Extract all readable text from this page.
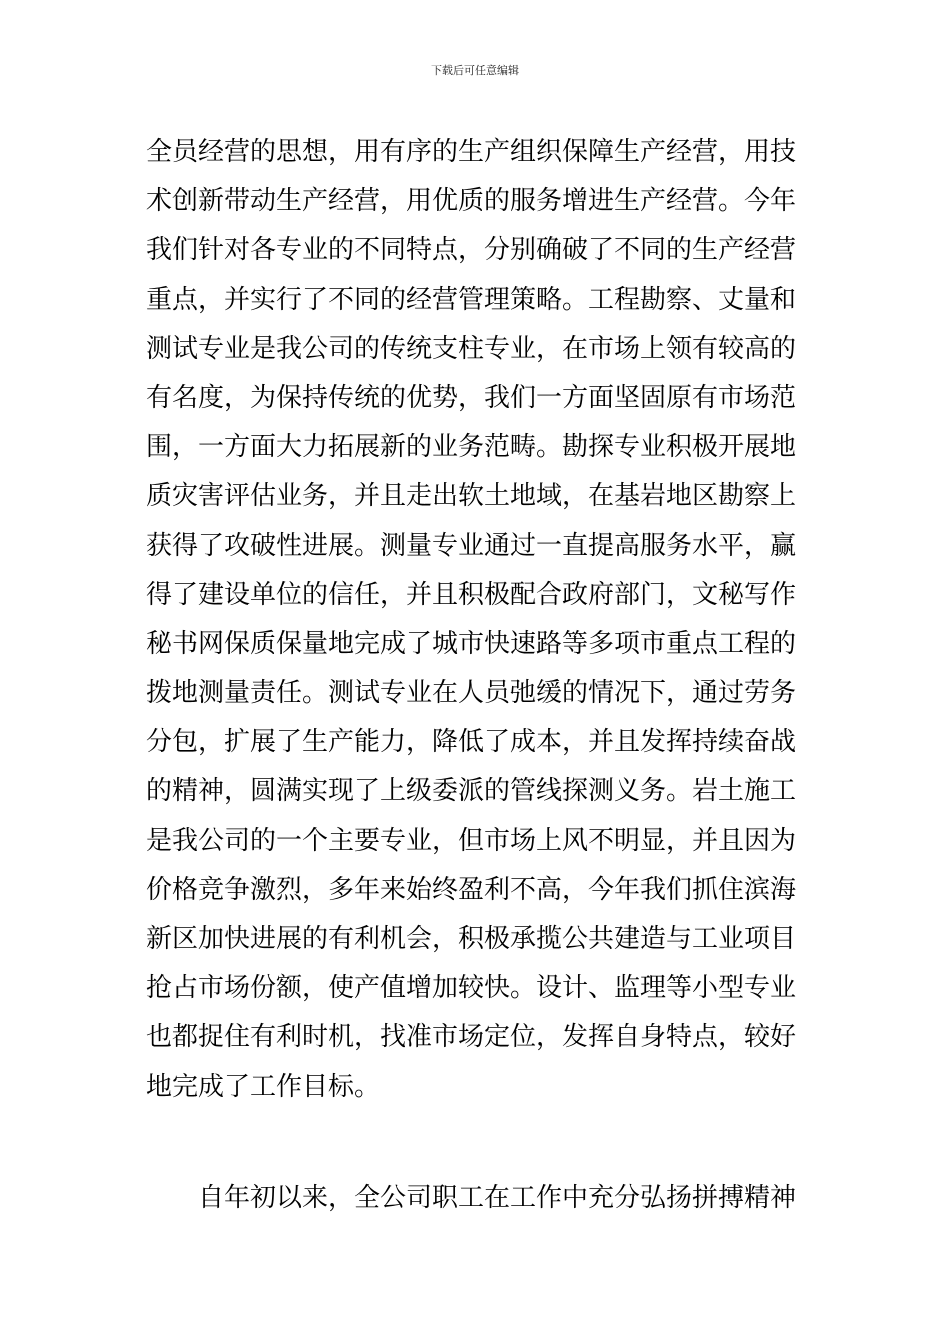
下载后可任意编辑
全员经营的思想，用有序的生产组织保障生产经营，用技
术创新带动生产经营，用优质的服务增进生产经营。今年
我们针对各专业的不同特点，分别确破了不同的生产经营
重点，并实行了不同的经营管理策略。工程勘察、丈量和
测试专业是我公司的传统支柱专业，在市场上领有较高的
有名度，为保持传统的优势，我们一方面坚固原有市场范
围，一方面大力拓展新的业务范畴。勘探专业积极开展地
质灾害评估业务，并且走出软土地域，在基岩地区勘察上
获得了攻破性进展。测量专业通过一直提高服务水平，赢
得了建设单位的信任，并且积极配合政府部门，文秘写作
秘书网保质保量地完成了城市快速路等多项市重点工程的
拨地测量责任。测试专业在人员弛缓的情况下，通过劳务
分包，扩展了生产能力，降低了成本，并且发挥持续奋战
的精神，圆满实现了上级委派的管线探测义务。岩土施工
是我公司的一个主要专业，但市场上风不明显，并且因为
价格竞争激烈，多年来始终盈利不高，今年我们抓住滨海
新区加快进展的有利机会，积极承揽公共建造与工业项目
抢占市场份额，使产值增加较快。设计、监理等小型专业
也都捉住有利时机，找准市场定位，发挥自身特点，较好
地完成了工作目标。
自年初以来，全公司职工在工作中充分弘扬拼搏精神
